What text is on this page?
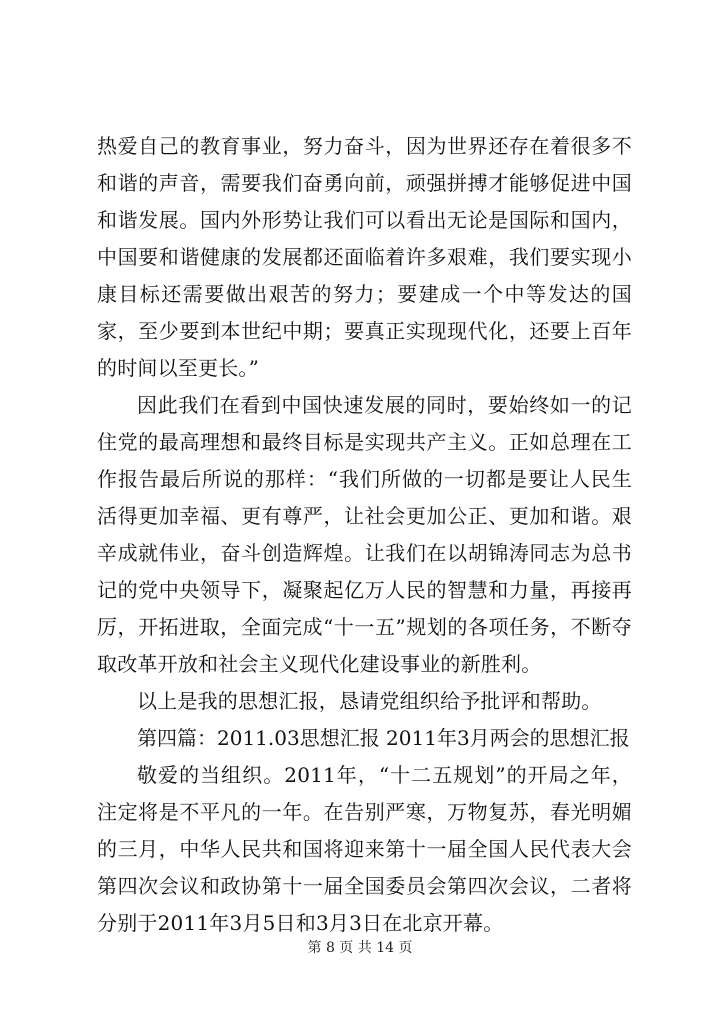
热爱自己的教育事业，努力奋斗，因为世界还存在着很多不和谐的声音，需要我们奋勇向前，顽强拼搏才能够促进中国和谐发展。国内外形势让我们可以看出无论是国际和国内，中国要和谐健康的发展都还面临着许多艰难，我们要实现小康目标还需要做出艰苦的努力；要建成一个中等发达的国家，至少要到本世纪中期；要真正实现现代化，还要上百年的时间以至更长。”

因此我们在看到中国快速发展的同时，要始终如一的记住党的最高理想和最终目标是实现共产主义。正如总理在工作报告最后所说的那样：“我们所做的一切都是要让人民生活得更加幸福、更有尊严，让社会更加公正、更加和谐。艰辛成就伟业，奋斗创造辉煌。让我们在以胡锦涛同志为总书记的党中央领导下，凝聚起亿万人民的智慧和力量，再接再厉，开拓进取，全面完成“十一五”规划的各项任务，不断夺取改革开放和社会主义现代化建设事业的新胜利。

以上是我的思想汇报，恳请党组织给予批评和帮助。

第四篇：2011.03思想汇报 2011年3月两会的思想汇报

敬爱的当组织。2011年，“十二五规划”的开局之年，注定将是不平凡的一年。在告别严寒，万物复苏，春光明媚的三月，中华人民共和国将迎来第十一届全国人民代表大会第四次会议和政协第十一届全国委员会第四次会议，二者将分别于2011年3月5日和3月3日在北京开幕。

第 8 页 共 14 页
